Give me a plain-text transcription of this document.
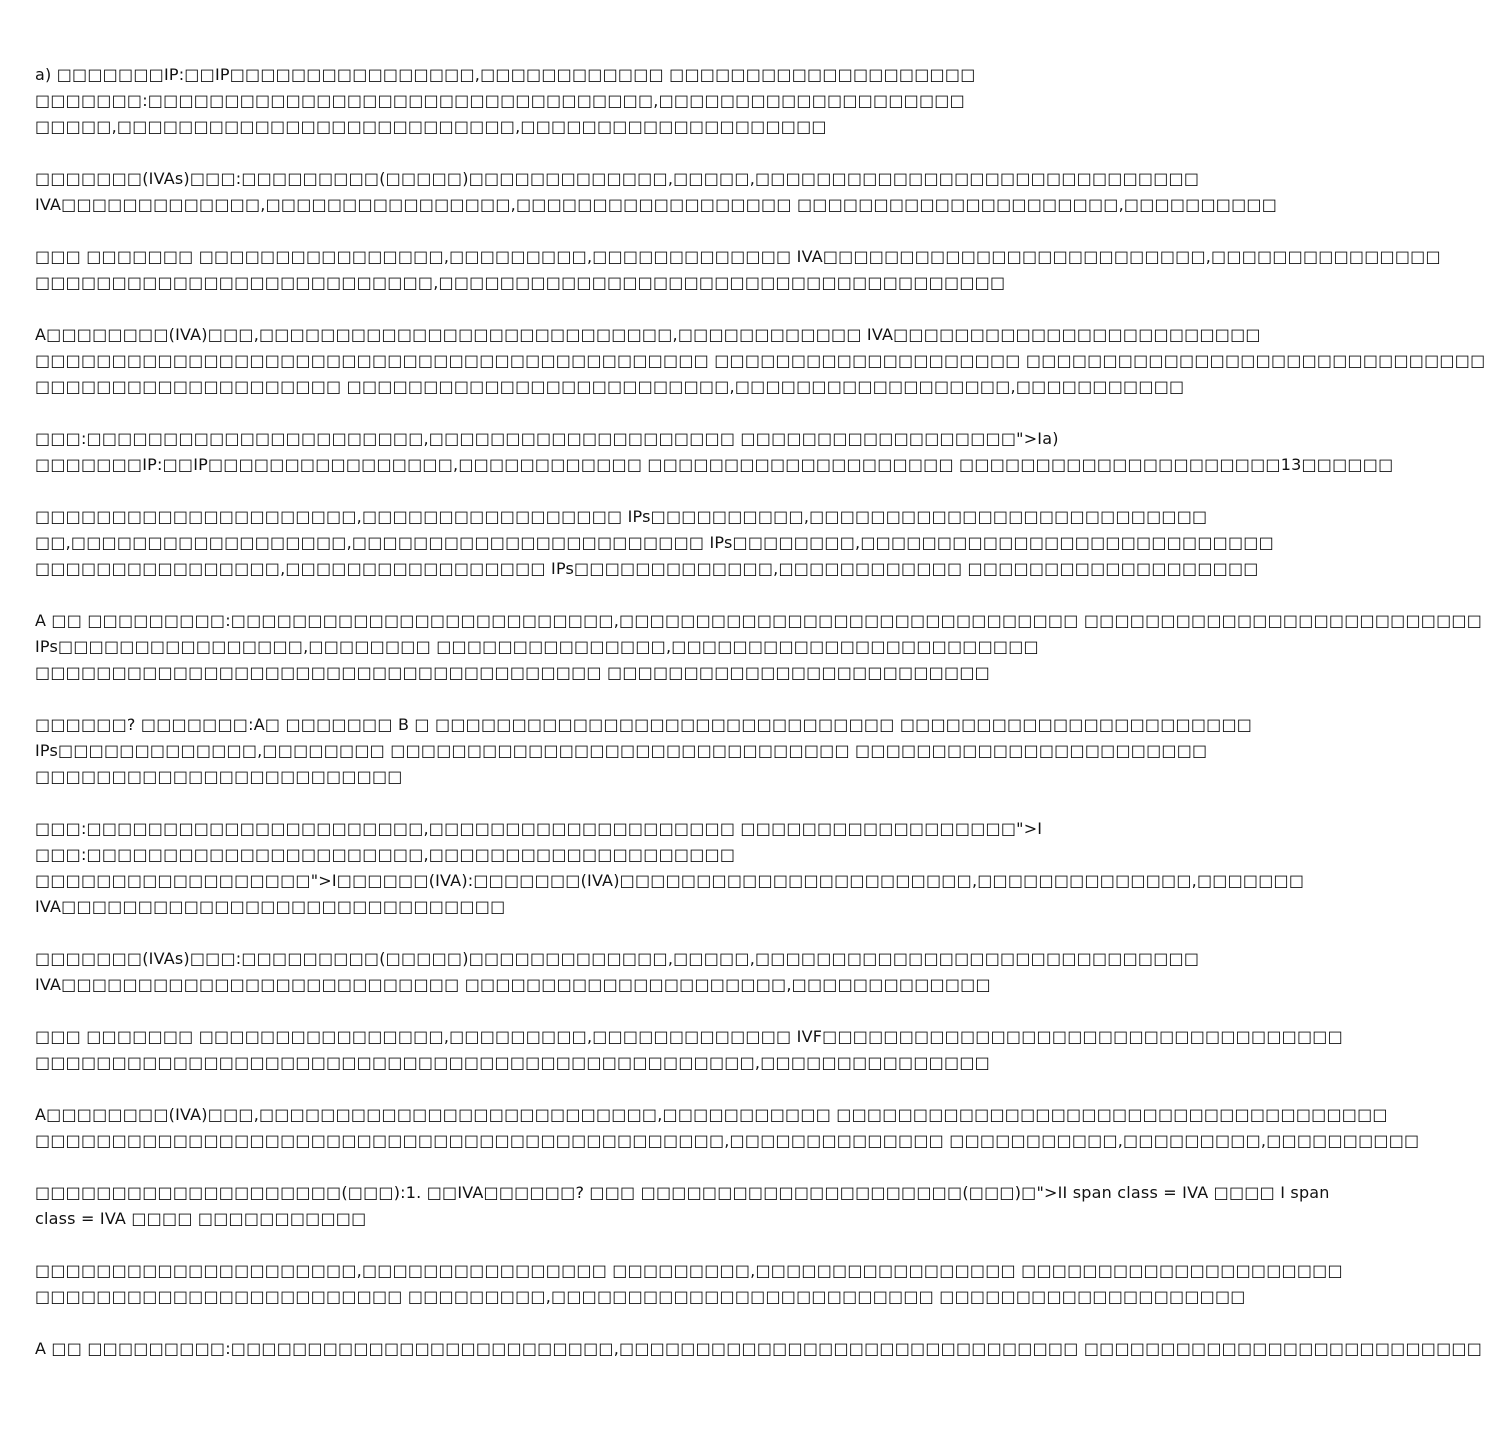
a) □□□□□□□IP:□□IP□□□□□□□□□□□□□□□□,□□□□□□□□□□□□ □□□□□□□□□□□□□□□□□□□□
□□□□□□□:□□□□□□□□□□□□□□□□□□□□□□□□□□□□□□□□□,□□□□□□□□□□□□□□□□□□□□
□□□□□,□□□□□□□□□□□□□□□□□□□□□□□□□□,□□□□□□□□□□□□□□□□□□□□
□□□□□□□(IVAs)□□□:□□□□□□□□□(□□□□□)□□□□□□□□□□□□□,□□□□□,□□□□□□□□□□□□□□□□□□□□□□□□□□□□□
IVA□□□□□□□□□□□□□,□□□□□□□□□□□□□□□□,□□□□□□□□□□□□□□□□□□ □□□□□□□□□□□□□□□□□□□□□,□□□□□□□□□□
□□□ □□□□□□□ □□□□□□□□□□□□□□□□,□□□□□□□□□,□□□□□□□□□□□□□ IVA□□□□□□□□□□□□□□□□□□□□□□□□□,□□□□□□□□□□□□□□□
□□□□□□□□□□□□□□□□□□□□□□□□□□,□□□□□□□□□□□□□□□□□□□□□□□□□□□□□□□□□□□□□
A□□□□□□□□(IVA)□□□,□□□□□□□□□□□□□□□□□□□□□□□□□□□,□□□□□□□□□□□□ IVA□□□□□□□□□□□□□□□□□□□□□□□□
□□□□□□□□□□□□□□□□□□□□□□□□□□□□□□□□□□□□□□□□□□□□ □□□□□□□□□□□□□□□□□□□□ □□□□□□□□□□□□□□□□□□□□□□□□□□□□□□
□□□□□□□□□□□□□□□□□□□□ □□□□□□□□□□□□□□□□□□□□□□□□□,□□□□□□□□□□□□□□□□□□,□□□□□□□□□□□
□□□:□□□□□□□□□□□□□□□□□□□□□□,□□□□□□□□□□□□□□□□□□□□ □□□□□□□□□□□□□□□□□□">Ia)
□□□□□□□IP:□□IP□□□□□□□□□□□□□□□□,□□□□□□□□□□□□ □□□□□□□□□□□□□□□□□□□□ □□□□□□□□□□□□□□□□□□□□□13□□□□□□
□□□□□□□□□□□□□□□□□□□□□,□□□□□□□□□□□□□□□□□ IPs□□□□□□□□□□,□□□□□□□□□□□□□□□□□□□□□□□□□□
□□,□□□□□□□□□□□□□□□□□□,□□□□□□□□□□□□□□□□□□□□□□□ IPs□□□□□□□□,□□□□□□□□□□□□□□□□□□□□□□□□□□□
□□□□□□□□□□□□□□□□,□□□□□□□□□□□□□□□□□ IPs□□□□□□□□□□□□□,□□□□□□□□□□□□ □□□□□□□□□□□□□□□□□□□
A □□ □□□□□□□□□:□□□□□□□□□□□□□□□□□□□□□□□□□,□□□□□□□□□□□□□□□□□□□□□□□□□□□□□□ □□□□□□□□□□□□□□□□□□□□□□□□□□
IPs□□□□□□□□□□□□□□□□,□□□□□□□□ □□□□□□□□□□□□□□□,□□□□□□□□□□□□□□□□□□□□□□□□
□□□□□□□□□□□□□□□□□□□□□□□□□□□□□□□□□□□□□ □□□□□□□□□□□□□□□□□□□□□□□□□
□□□□□□? □□□□□□□:A□ □□□□□□□ B □ □□□□□□□□□□□□□□□□□□□□□□□□□□□□□□ □□□□□□□□□□□□□□□□□□□□□□□
IPs□□□□□□□□□□□□□,□□□□□□□□ □□□□□□□□□□□□□□□□□□□□□□□□□□□□□□ □□□□□□□□□□□□□□□□□□□□□□□
□□□□□□□□□□□□□□□□□□□□□□□□
□□□:□□□□□□□□□□□□□□□□□□□□□□,□□□□□□□□□□□□□□□□□□□□ □□□□□□□□□□□□□□□□□□">I
□□□:□□□□□□□□□□□□□□□□□□□□□□,□□□□□□□□□□□□□□□□□□□□
□□□□□□□□□□□□□□□□□□">I□□□□□□(IVA):□□□□□□□(IVA)□□□□□□□□□□□□□□□□□□□□□□□,□□□□□□□□□□□□□□,□□□□□□□
IVA□□□□□□□□□□□□□□□□□□□□□□□□□□□□□
□□□□□□□(IVAs)□□□:□□□□□□□□□(□□□□□)□□□□□□□□□□□□□,□□□□□,□□□□□□□□□□□□□□□□□□□□□□□□□□□□□
IVA□□□□□□□□□□□□□□□□□□□□□□□□□□ □□□□□□□□□□□□□□□□□□□□□,□□□□□□□□□□□□□
□□□ □□□□□□□ □□□□□□□□□□□□□□□□,□□□□□□□□□,□□□□□□□□□□□□□ IVF□□□□□□□□□□□□□□□□□□□□□□□□□□□□□□□□□□
□□□□□□□□□□□□□□□□□□□□□□□□□□□□□□□□□□□□□□□□□□□□□□□,□□□□□□□□□□□□□□□
A□□□□□□□□(IVA)□□□,□□□□□□□□□□□□□□□□□□□□□□□□□□,□□□□□□□□□□□ □□□□□□□□□□□□□□□□□□□□□□□□□□□□□□□□□□□□
□□□□□□□□□□□□□□□□□□□□□□□□□□□□□□□□□□□□□□□□□□□□□,□□□□□□□□□□□□□□ □□□□□□□□□□□,□□□□□□□□□,□□□□□□□□□□
□□□□□□□□□□□□□□□□□□□□(□□□):1. □□IVA□□□□□□? □□□ □□□□□□□□□□□□□□□□□□□□□(□□□)□">II span class = IVA □□□□ I span
class = IVA □□□□ □□□□□□□□□□□
□□□□□□□□□□□□□□□□□□□□□,□□□□□□□□□□□□□□□□ □□□□□□□□□,□□□□□□□□□□□□□□□□□ □□□□□□□□□□□□□□□□□□□□□
□□□□□□□□□□□□□□□□□□□□□□□□ □□□□□□□□□,□□□□□□□□□□□□□□□□□□□□□□□□□ □□□□□□□□□□□□□□□□□□□□
A □□ □□□□□□□□□:□□□□□□□□□□□□□□□□□□□□□□□□□,□□□□□□□□□□□□□□□□□□□□□□□□□□□□□□ □□□□□□□□□□□□□□□□□□□□□□□□□□
